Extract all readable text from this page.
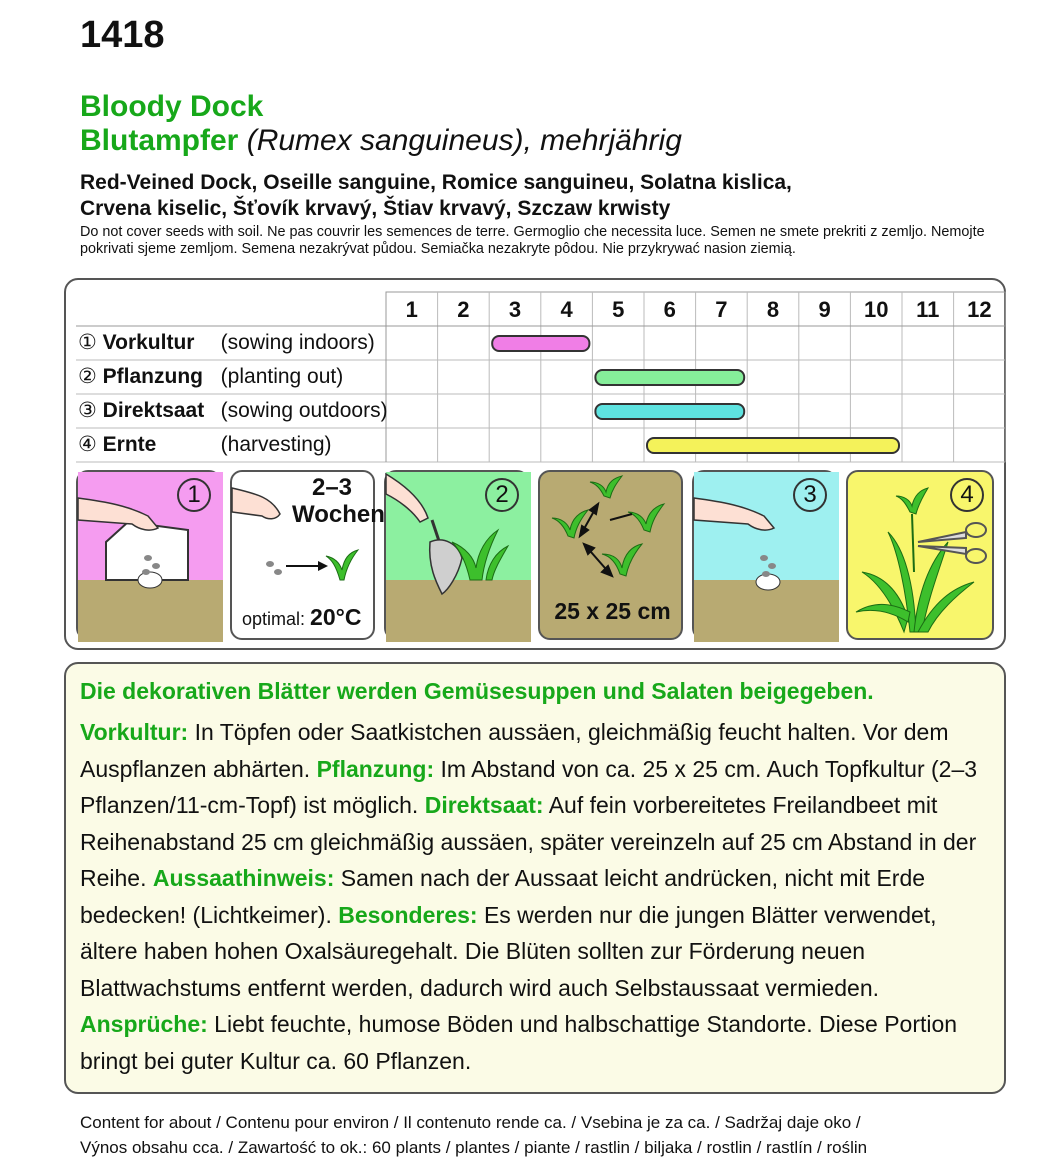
1418
Bloody Dock
Blutampfer (Rumex sanguineus), mehrjährig
Red-Veined Dock, Oseille sanguine, Romice sanguineu, Solatna kislica,
Crvena kiselic, Šťovík krvavý, Štiav krvavý, Szczaw krwisty
Do not cover seeds with soil. Ne pas couvrir les semences de terre. Germoglio che necessita luce. Semen ne smete prekriti z zemljo. Nemojte pokrivati sjeme zemljom. Semena nezakrývat půdou. Semiačka nezakryte pôdou. Nie przykrywać nasion ziemią.
1 2 3 4 5 6 7 8 9 10 11 12
① Vorkultur (sowing indoors)
② Pflanzung (planting out)
③ Direktsaat (sowing outdoors)
④ Ernte	(harvesting)
1	2–3
Wochen
optimal: 20°C
2
25 x 25 cm
3	4
Die dekorativen Blätter werden Gemüsesuppen und Salaten beigegeben.
Vorkultur: In Töpfen oder Saatkistchen aussäen, gleichmäßig feucht halten. Vor dem Auspflanzen abhärten. Pflanzung: Im Abstand von ca. 25 x 25 cm. Auch Topfkultur (2–3 Pflanzen/11-cm-Topf) ist möglich. Direktsaat: Auf fein vorbereitetes Freilandbeet mit Reihenabstand 25 cm gleichmäßig aussäen, später vereinzeln auf 25 cm Abstand in der Reihe. Aussaathinweis: Samen nach der Aussaat leicht andrücken, nicht mit Erde bedecken! (Lichtkeimer). Besonderes: Es werden nur die jungen Blätter verwendet, ältere haben hohen Oxalsäuregehalt. Die Blüten sollten zur Förderung neuen Blattwachstums entfernt werden, dadurch wird auch Selbstaussaat vermieden. Ansprüche: Liebt feuchte, humose Böden und halbschattige Standorte. Diese Portion bringt bei guter Kultur ca. 60 Pflanzen.
Content for about / Contenu pour environ / Il contenuto rende ca. / Vsebina je za ca. / Sadržaj daje oko /
Výnos obsahu cca. / Zawartość to ok.: 60 plants / plantes / piante / rastlin / biljaka / rostlin / rastlín / roślin
